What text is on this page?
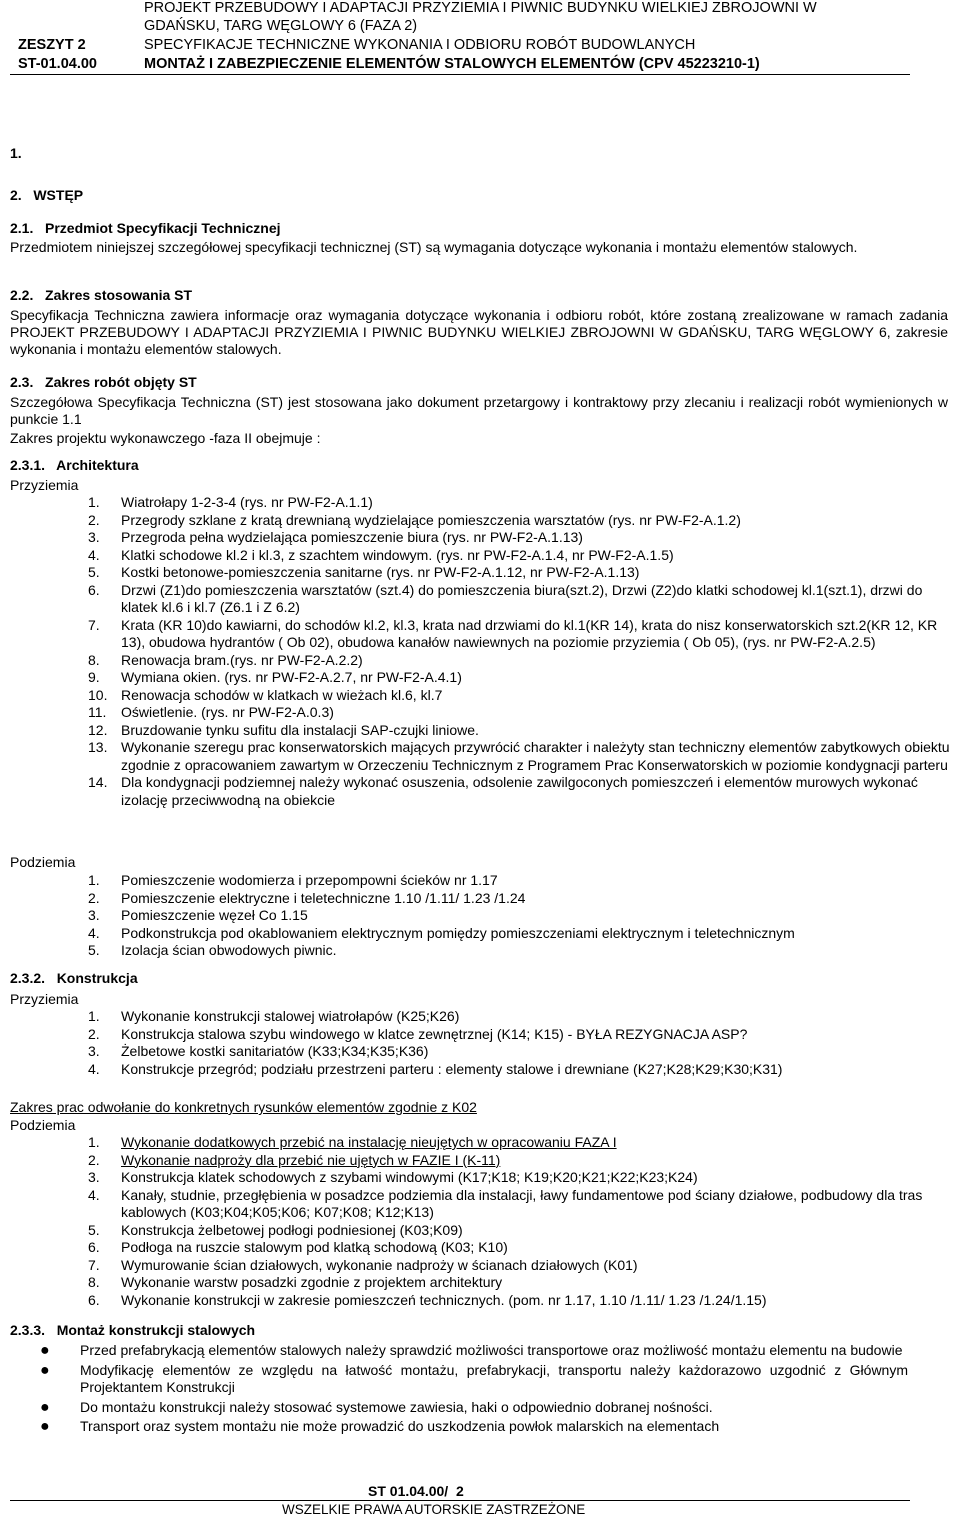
ZESZYT 2
ST-01.04.00
PROJEKT PRZEBUDOWY I ADAPTACJI PRZYZIEMIA I PIWNIC BUDYNKU WIELKIEJ ZBROJOWNI W
GDAŃSKU, TARG WĘGLOWY 6 (FAZA 2)
SPECYFIKACJE TECHNICZNE WYKONANIA I ODBIORU ROBÓT BUDOWLANYCH
MONTAŻ I ZABEZPIECZENIE ELEMENTÓW STALOWYCH ELEMENTÓW (CPV 45223210-1)
1.
2.   WSTĘP
2.1.   Przedmiot Specyfikacji Technicznej
Przedmiotem niniejszej szczegółowej specyfikacji technicznej (ST) są wymagania dotyczące wykonania i montażu elementów stalowych.
2.2.   Zakres stosowania ST
Specyfikacja Techniczna zawiera informacje oraz wymagania dotyczące wykonania i odbioru robót, które zostaną zrealizowane w ramach zadania PROJEKT PRZEBUDOWY I ADAPTACJI PRZYZIEMIA I PIWNIC BUDYNKU WIELKIEJ ZBROJOWNI W GDAŃSKU, TARG WĘGLOWY 6, zakresie wykonania i montażu elementów stalowych.
2.3.   Zakres robót objęty ST
Szczegółowa Specyfikacja Techniczna (ST) jest stosowana jako dokument przetargowy i kontraktowy przy zlecaniu i realizacji robót wymienionych w punkcie 1.1
Zakres projektu wykonawczego -faza II obejmuje :
2.3.1.   Architektura
Przyziemia
1.	Wiatrołapy 1-2-3-4 (rys. nr PW-F2-A.1.1)
2.	Przegrody szklane z kratą drewnianą wydzielające pomieszczenia warsztatów (rys. nr PW-F2-A.1.2)
3.	Przegroda pełna wydzielająca pomieszczenie biura (rys. nr PW-F2-A.1.13)
4.	Klatki schodowe kl.2 i kl.3, z szachtem windowym. (rys. nr PW-F2-A.1.4, nr PW-F2-A.1.5)
5.	Kostki betonowe-pomieszczenia sanitarne (rys. nr PW-F2-A.1.12, nr PW-F2-A.1.13)
6.	Drzwi (Z1)do pomieszczenia warsztatów (szt.4) do pomieszczenia biura(szt.2), Drzwi (Z2)do klatki schodowej kl.1(szt.1), drzwi do klatek kl.6 i kl.7 (Z6.1 i Z 6.2)
7.	Krata (KR 10)do kawiarni, do schodów kl.2, kl.3, krata nad drzwiami do kl.1(KR 14), krata do nisz konserwatorskich szt.2(KR 12, KR 13), obudowa hydrantów ( Ob 02), obudowa kanałów nawiewnych na poziomie przyziemia ( Ob 05), (rys. nr PW-F2-A.2.5)
8.	Renowacja bram.(rys. nr PW-F2-A.2.2)
9.	Wymiana okien. (rys. nr PW-F2-A.2.7, nr PW-F2-A.4.1)
10. Renowacja schodów w klatkach w wieżach kl.6, kl.7
11.	Oświetlenie. (rys. nr PW-F2-A.0.3)
12. Bruzdowanie tynku sufitu dla instalacji SAP-czujki liniowe.
13. Wykonanie szeregu prac konserwatorskich mających przywrócić charakter i należyty stan techniczny elementów zabytkowych obiektu zgodnie z opracowaniem zawartym w Orzeczeniu Technicznym z Programem Prac Konserwatorskich w poziomie kondygnacji parteru
14. Dla kondygnacji podziemnej należy wykonać osuszenia, odsolenie zawilgoconych pomieszczeń i elementów murowych wykonać izolację przeciwwodną na obiekcie
Podziemia
1.	Pomieszczenie wodomierza i przepompowni ścieków nr 1.17
2.	Pomieszczenie elektryczne i teletechniczne 1.10 /1.11/ 1.23 /1.24
3.	Pomieszczenie węzeł Co 1.15
4.	Podkonstrukcja pod okablowaniem elektrycznym pomiędzy pomieszczeniami elektrycznym i teletechnicznym
5.	Izolacja ścian obwodowych piwnic.
2.3.2.   Konstrukcja
Przyziemia
1.	Wykonanie konstrukcji stalowej wiatrołapów (K25;K26)
2.	Konstrukcja stalowa szybu windowego w klatce zewnętrznej (K14; K15) - BYŁA REZYGNACJA ASP?
3.	Żelbetowe kostki sanitariatów (K33;K34;K35;K36)
4.	Konstrukcje przegród; podziału przestrzeni parteru : elementy stalowe i drewniane (K27;K28;K29;K30;K31)
Zakres prac odwołanie do konkretnych rysunków elementów zgodnie z K02
Podziemia
1.	Wykonanie dodatkowych przebić na instalację nieujętych w opracowaniu FAZA I
2.	Wykonanie nadproży dla przebić nie ujętych w FAZIE I (K-11)
3.	Konstrukcja klatek schodowych z szybami windowymi (K17;K18; K19;K20;K21;K22;K23;K24)
4.	Kanały, studnie, przegłębienia w posadzce podziemia dla instalacji, ławy fundamentowe pod ściany działowe, podbudowy dla tras kablowych (K03;K04;K05;K06; K07;K08; K12;K13)
5.	Konstrukcja żelbetowej podłogi podniesionej (K03;K09)
6.	Podłoga na ruszcie stalowym pod klatką schodową (K03; K10)
7.	Wymurowanie ścian działowych, wykonanie nadproży w ścianach działowych (K01)
8.	Wykonanie warstw posadzki zgodnie z projektem architektury
6.	Wykonanie konstrukcji w zakresie pomieszczeń technicznych. (pom. nr 1.17, 1.10 /1.11/ 1.23 /1.24/1.15)
2.3.3.   Montaż konstrukcji stalowych
●	Przed prefabrykacją elementów stalowych należy sprawdzić możliwości transportowe oraz możliwość montażu elementu na budowie
●	Modyfikację elementów ze względu na łatwość montażu, prefabrykacji, transportu należy każdorazowo uzgodnić z Głównym Projektantem Konstrukcji
●	Do montażu konstrukcji należy stosować systemowe zawiesia, haki o odpowiednio dobranej nośności.
●	Transport oraz system montażu nie może prowadzić do uszkodzenia powłok malarskich na elementach
ST 01.04.00/  2
WSZELKIE PRAWA AUTORSKIE ZASTRZEŻONE
